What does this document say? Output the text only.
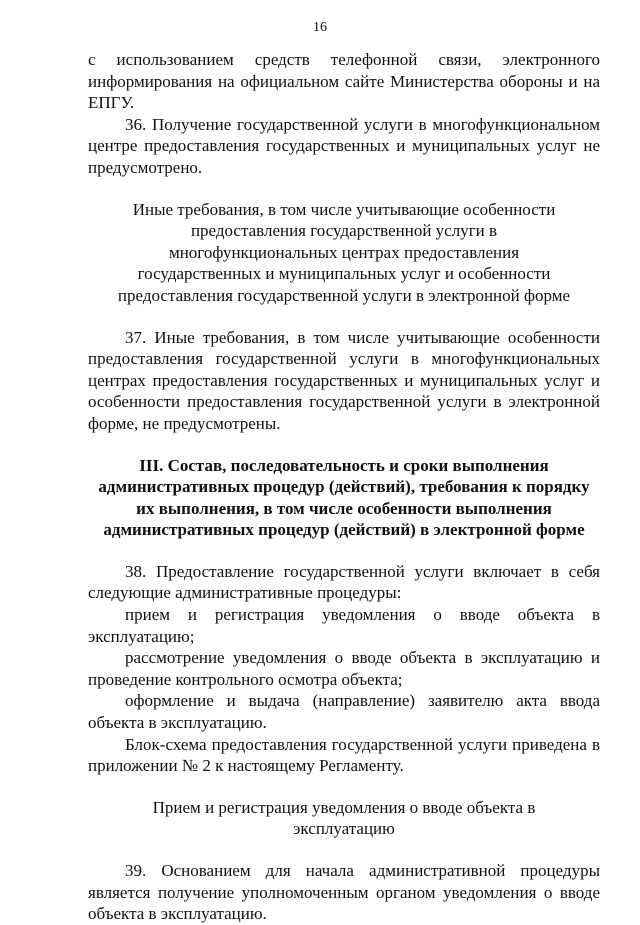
16

с использованием средств телефонной связи, электронного информирования на официальном сайте Министерства обороны и на ЕПГУ.

36. Получение государственной услуги в многофункциональном центре предоставления государственных и муниципальных услуг не предусмотрено.

Иные требования, в том числе учитывающие особенности предоставления государственной услуги в многофункциональных центрах предоставления государственных и муниципальных услуг и особенности предоставления государственной услуги в электронной форме

37. Иные требования, в том числе учитывающие особенности предоставления государственной услуги в многофункциональных центрах предоставления государственных и муниципальных услуг и особенности предоставления государственной услуги в электронной форме, не предусмотрены.

III. Состав, последовательность и сроки выполнения административных процедур (действий), требования к порядку их выполнения, в том числе особенности выполнения административных процедур (действий) в электронной форме

38. Предоставление государственной услуги включает в себя следующие административные процедуры:

прием и регистрация уведомления о вводе объекта в эксплуатацию;

рассмотрение уведомления о вводе объекта в эксплуатацию и проведение контрольного осмотра объекта;

оформление и выдача (направление) заявителю акта ввода объекта в эксплуатацию.

Блок-схема предоставления государственной услуги приведена в приложении № 2 к настоящему Регламенту.

Прием и регистрация уведомления о вводе объекта в эксплуатацию

39. Основанием для начала административной процедуры является получение уполномоченным органом уведомления о вводе объекта в эксплуатацию.
